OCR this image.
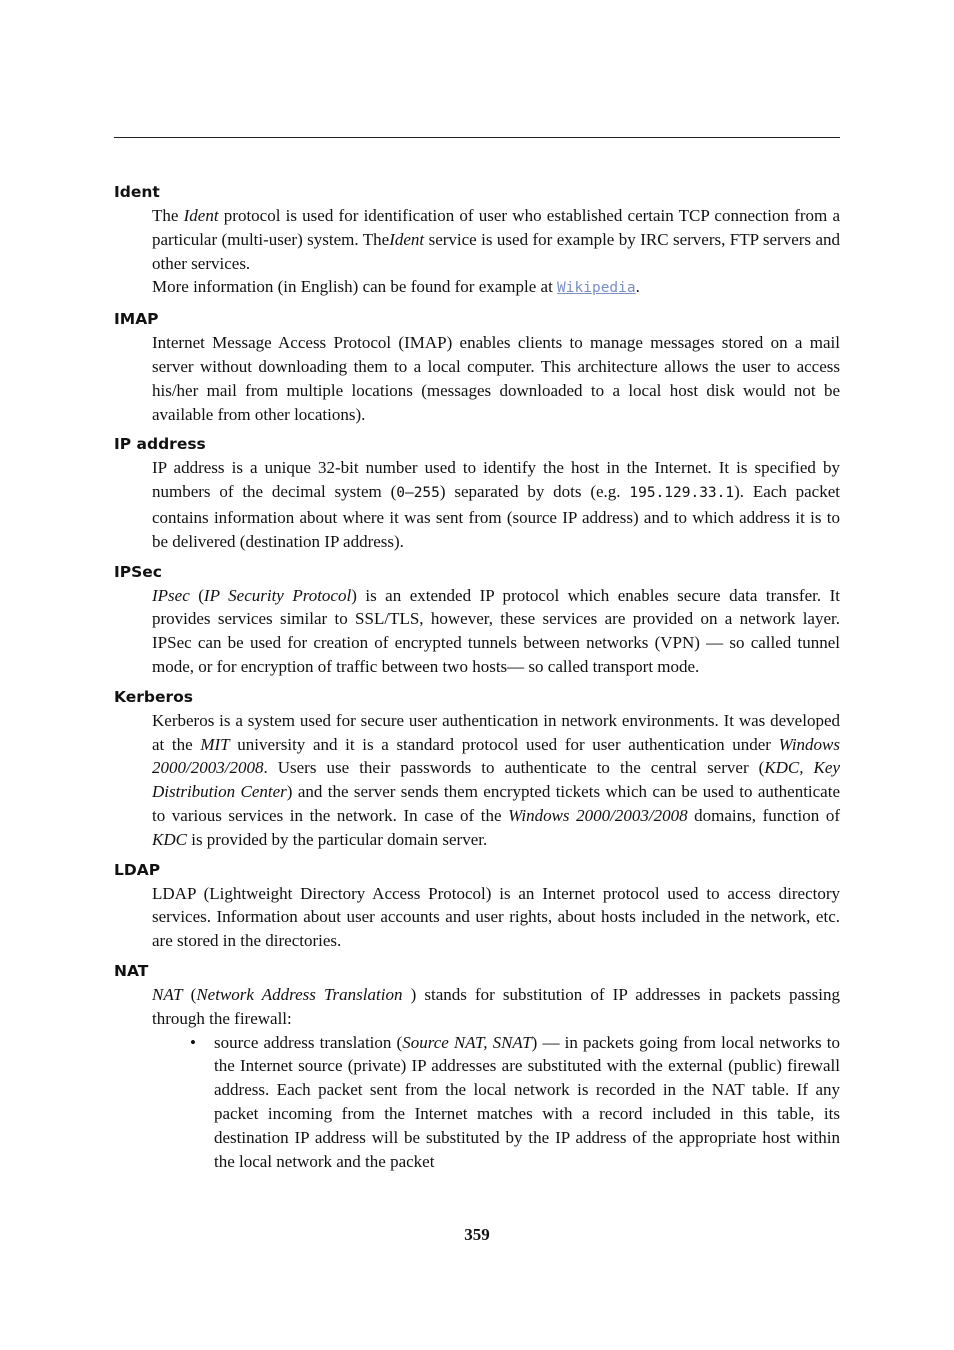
Ident

The Ident protocol is used for identification of user who established certain TCP connection from a particular (multi-user) system. TheIdent service is used for example by IRC servers, FTP servers and other services.

More information (in English) can be found for example at Wikipedia.

IMAP

Internet Message Access Protocol (IMAP) enables clients to manage messages stored on a mail server without downloading them to a local computer. This architecture allows the user to access his/her mail from multiple locations (messages downloaded to a local host disk would not be available from other locations).

IP address

IP address is a unique 32-bit number used to identify the host in the Internet. It is specified by numbers of the decimal system (0–255) separated by dots (e.g. 195.129.33.1). Each packet contains information about where it was sent from (source IP address) and to which address it is to be delivered (destination IP address).

IPSec

IPsec (IP Security Protocol) is an extended IP protocol which enables secure data transfer. It provides services similar to SSL/TLS, however, these services are provided on a network layer. IPSec can be used for creation of encrypted tunnels between networks (VPN) — so called tunnel mode, or for encryption of traffic between two hosts— so called transport mode.

Kerberos

Kerberos is a system used for secure user authentication in network environments. It was developed at the MIT university and it is a standard protocol used for user authentication under Windows 2000/2003/2008. Users use their passwords to authenticate to the central server (KDC, Key Distribution Center) and the server sends them encrypted tickets which can be used to authenticate to various services in the network. In case of the Windows 2000/2003/2008 domains, function of KDC is provided by the particular domain server.

LDAP

LDAP (Lightweight Directory Access Protocol) is an Internet protocol used to access directory services. Information about user accounts and user rights, about hosts included in the network, etc. are stored in the directories.

NAT

NAT (Network Address Translation ) stands for substitution of IP addresses in packets passing through the firewall:

• source address translation (Source NAT, SNAT) — in packets going from local networks to the Internet source (private) IP addresses are substituted with the external (public) firewall address. Each packet sent from the local network is recorded in the NAT table. If any packet incoming from the Internet matches with a record included in this table, its destination IP address will be substituted by the IP address of the appropriate host within the local network and the packet
359
